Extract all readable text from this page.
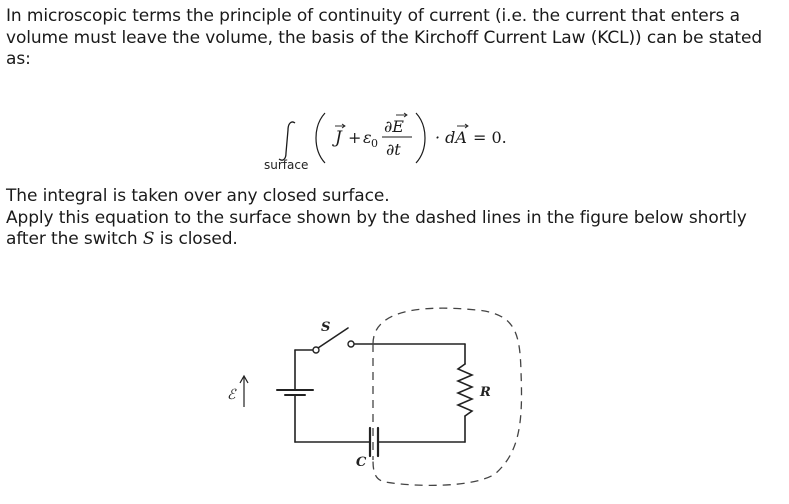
In microscopic terms the principle of continuity of current (i.e. the current that enters a volume must leave the volume, the basis of the Kirchoff Current Law (KCL)) can be stated as:

J + ε 0
∂E
∂t
· dA = 0.
surface

The integral is taken over any closed surface.
Apply this equation to the surface shown by the dashed lines in the figure below shortly after the switch S is closed.

S
ℰ	R
C
